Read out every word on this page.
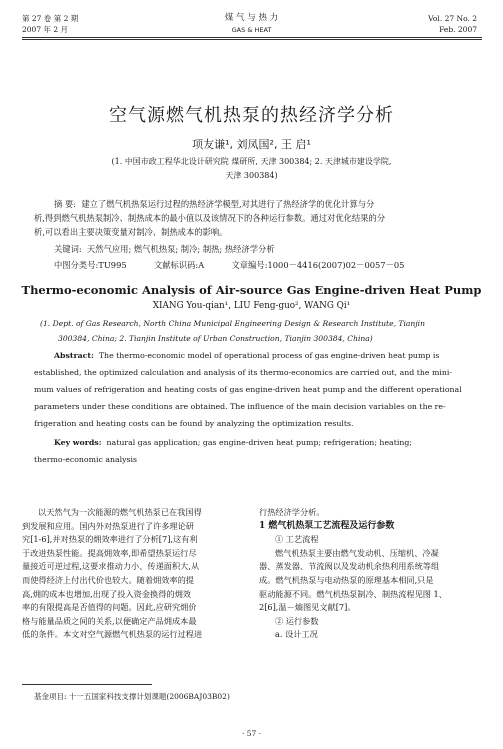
第 27 卷 第 2 期
2007 年 2 月
煤 气 与 热 力
GAS & HEAT
Vol. 27 No. 2
Feb. 2007
空气源燃气机热泵的热经济学分析
项友谦¹, 刘凤国², 王 启¹
(1. 中国市政工程华北设计研究院 煤研所, 天津 300384; 2. 天津城市建设学院,
天津 300384)
摘 要: 建立了燃气机热泵运行过程的热经济学模型,对其进行了热经济学的优化计算与分
析,得到燃气机热泵制冷、制热成本的最小值以及该情况下的各种运行参数。通过对优化结果的分
析,可以看出主要决策变量对制冷、制热成本的影响。
关键词: 天然气应用; 燃气机热泵; 制冷; 制热; 热经济学分析
中图分类号:TU995	文献标识码:A	文章编号:1000－4416(2007)02－0057－05
Thermo-economic Analysis of Air-source Gas Engine-driven Heat Pump
XIANG You-qian¹, LIU Feng-guo², WANG Qi¹
(1. Dept. of Gas Research, North China Municipal Engineering Design & Research Institute, Tianjin
300384, China; 2. Tianjin Institute of Urban Construction, Tianjin 300384, China)
Abstract: The thermo-economic model of operational process of gas engine-driven heat pump is
established, the optimized calculation and analysis of its thermo-economics are carried out, and the mini-
mum values of refrigeration and heating costs of gas engine-driven heat pump and the different operational
parameters under these conditions are obtained. The influence of the main decision variables on the re-
frigeration and heating costs can be found by analyzing the optimization results.
Key words: natural gas application; gas engine-driven heat pump; refrigeration; heating;
thermo-economic analysis

以天然气为一次能源的燃气机热泵已在我国得

到发展和应用。国内外对热泵进行了许多理论研

究[1-6],并对热泵的㶲效率进行了分析[7],这有利

于改进热泵性能。提高㶲效率,即希望热泵运行尽

量接近可逆过程,这要求推动力小、传递面积大,从

而使得经济上付出代价也较大。随着㶲效率的提

高,㶲的成本也增加,出现了投入资金换得的㶲效

率的有限提高是否值得的问题。因此,应研究㶲价

格与能量品质之间的关系,以便确定产品㶲成本最

低的条件。本文对空气源燃气机热泵的运行过程进

行热经济学分析。

1 燃气机热泵工艺流程及运行参数

① 工艺流程

燃气机热泵主要由燃气发动机、压缩机、冷凝

器、蒸发器、节流阀以及发动机余热利用系统等组

成。燃气机热泵与电动热泵的原理基本相同,只是

驱动能源不同。燃气机热泵制冷、制热流程见图 1、

2[6],温－熵图见文献[7]。

② 运行参数

a. 设计工况

基金项目: 十一五国家科技支撑计划课题(2006BAJ03B02)
· 57 ·
